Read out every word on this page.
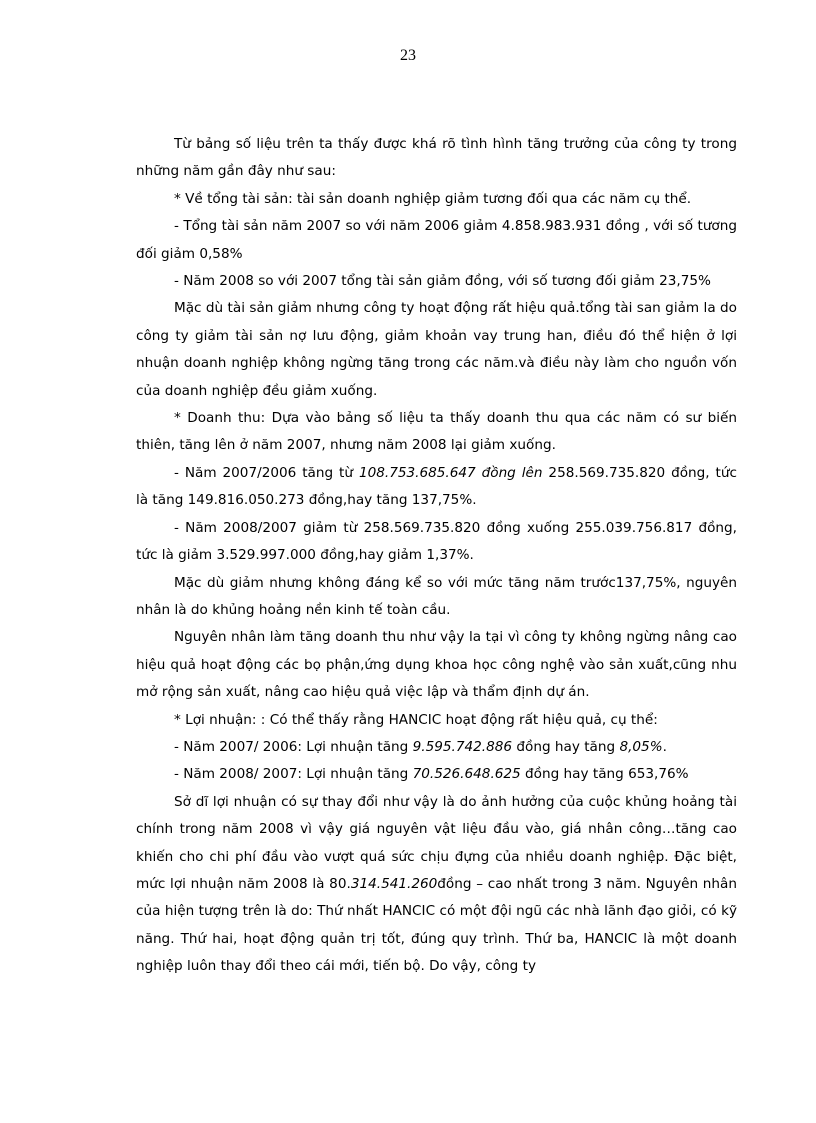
23

Từ bảng số liệu trên ta thấy được khá rõ tình hình tăng trưởng của công ty trong những năm gần đây như sau:

* Về tổng tài sản: tài sản doanh nghiệp giảm tương đối qua các năm cụ thể.

- Tổng tài sản năm 2007 so với năm 2006 giảm 4.858.983.931 đồng , với số tương đối giảm 0,58%

- Năm 2008 so với 2007 tổng tài sản giảm đồng, với số tương đối giảm 23,75%

Mặc dù tài sản giảm nhưng công ty hoạt động rất hiệu quả.tổng tài san giảm la do công ty giảm tài sản nợ lưu động, giảm khoản vay trung han, điều đó thể hiện ở lợi nhuận doanh nghiệp không ngừng tăng trong các năm.và điều này làm cho nguồn vốn của doanh nghiệp đều giảm xuống.

* Doanh thu: Dựa vào bảng số liệu ta thấy doanh thu qua các năm có sư biến thiên, tăng lên ở năm 2007, nhưng năm 2008 lại giảm xuống.

- Năm 2007/2006 tăng từ 108.753.685.647 đồng lên 258.569.735.820 đồng, tức là tăng 149.816.050.273 đồng,hay tăng 137,75%.

- Năm 2008/2007 giảm từ 258.569.735.820 đồng xuống 255.039.756.817 đồng, tức là giảm 3.529.997.000 đồng,hay giảm 1,37%.

Mặc dù giảm nhưng không đáng kể so với mức tăng năm trước137,75%, nguyên nhân là do khủng hoảng nền kinh tế toàn cầu.

Nguyên nhân làm tăng doanh thu như vậy la tại vì công ty không ngừng nâng cao hiệu quả hoạt động các bọ phận,ứng dụng khoa học công nghệ vào sản xuất,cũng nhu mở rộng sản xuất, nâng cao hiệu quả việc lập và thẩm định dự án.

* Lợi nhuận: : Có thể thấy rằng HANCIC hoạt động rất hiệu quả, cụ thể:

- Năm 2007/ 2006: Lợi nhuận tăng 9.595.742.886 đồng hay tăng 8,05%.

- Năm 2008/ 2007: Lợi nhuận tăng 70.526.648.625 đồng hay tăng 653,76%

Sở dĩ lợi nhuận có sự thay đổi như vậy là do ảnh hưởng của cuộc khủng hoảng tài chính trong năm 2008 vì vậy giá nguyên vật liệu đầu vào, giá nhân công…tăng cao khiến cho chi phí đầu vào vượt quá sức chịu đựng của nhiều doanh nghiệp. Đặc biệt, mức lợi nhuận năm 2008 là 80.314.541.260đồng – cao nhất trong 3 năm. Nguyên nhân của hiện tượng trên là do: Thứ nhất HANCIC có một đội ngũ các nhà lãnh đạo giỏi, có kỹ năng. Thứ hai, hoạt động quản trị tốt, đúng quy trình. Thứ ba, HANCIC là một doanh nghiệp luôn thay đổi theo cái mới, tiến bộ. Do vậy, công ty
